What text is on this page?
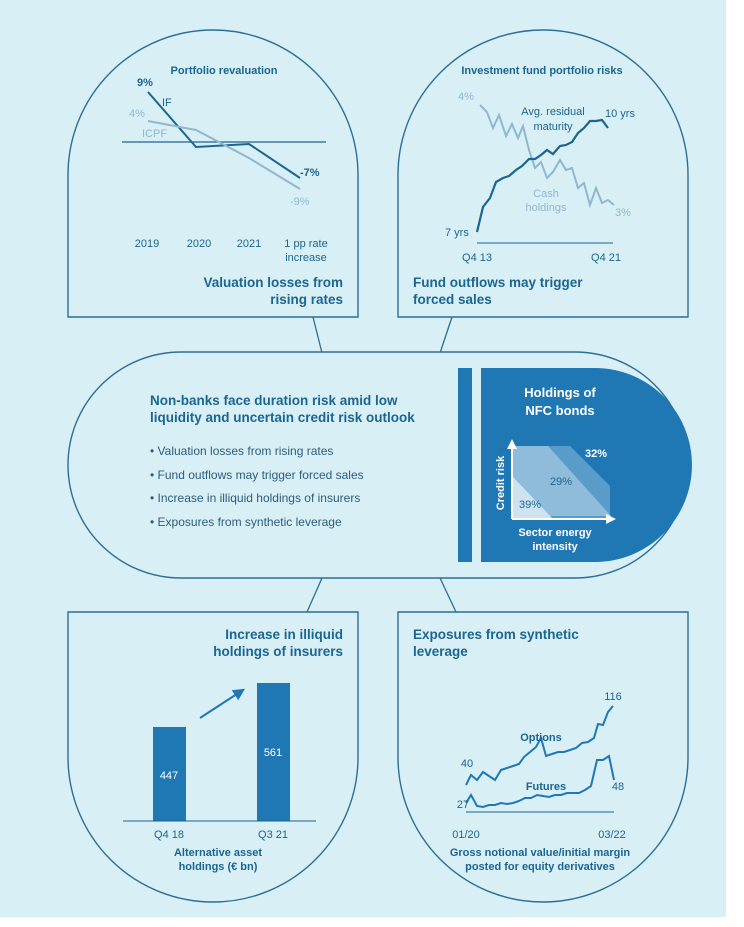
Portfolio revaluation
9%
IF
4%
ICPF
-7%
-9%
2019	2020 2021 1 pp rate
increase
Investment fund portfolio risks
4%
Avg. residual
maturity
10 yrs
Cash
holdings	3%
7 yrs
Q4 13	Q4 21
Holdings of
NFC bonds
32%
29%
39%
Credit risk
Sector energy
intensity
447
561
Q4 18	Q3 21
Alternative asset
holdings (€ bn)
116
Options
40
Futures	48
27
01/20	03/22
Gross notional value/initial margin
posted for equity derivatives
Valuation losses from
rising rates
Fund outflows may trigger
forced sales
Non-banks face duration risk amid low
liquidity and uncertain credit risk outlook
• Valuation losses from rising rates
• Fund outflows may trigger forced sales
• Increase in illiquid holdings of insurers
• Exposures from synthetic leverage
Increase in illiquid
holdings of insurers
Exposures from synthetic
leverage
